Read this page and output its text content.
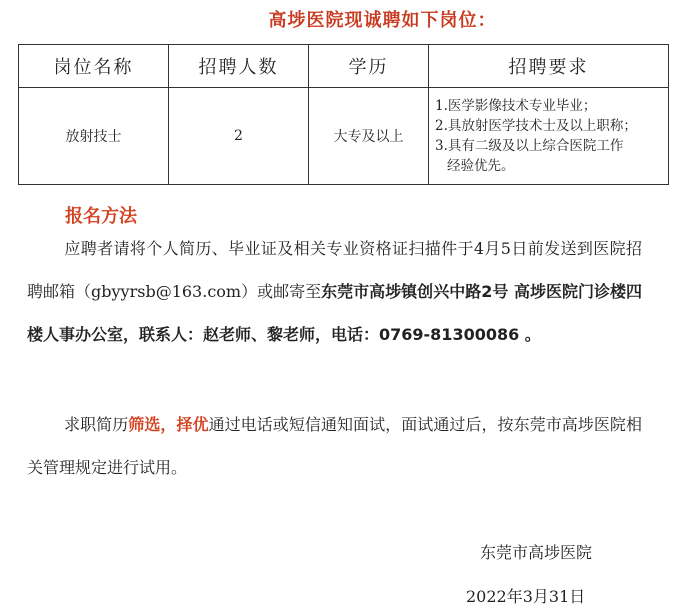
高埗医院现诚聘如下岗位：
岗位名称	招聘人数	学历	招聘要求
放射技士	2	大专及以上	1.医学影像技术专业毕业；
2.具放射医学技术士及以上职称；
3.具有二级及以上综合医院工作
经验优先。
报名方法
应聘者请将个人简历、毕业证及相关专业资格证扫描件于4月5日前发送到医院招聘邮箱（gbyyrsb@163.com）或邮寄至东莞市高埗镇创兴中路2号 高埗医院门诊楼四楼人事办公室，联系人：赵老师、黎老师，电话：0769-81300086 。
求职简历筛选，择优通过电话或短信通知面试，面试通过后，按东莞市高埗医院相关管理规定进行试用。
东莞市高埗医院
2022年3月31日
